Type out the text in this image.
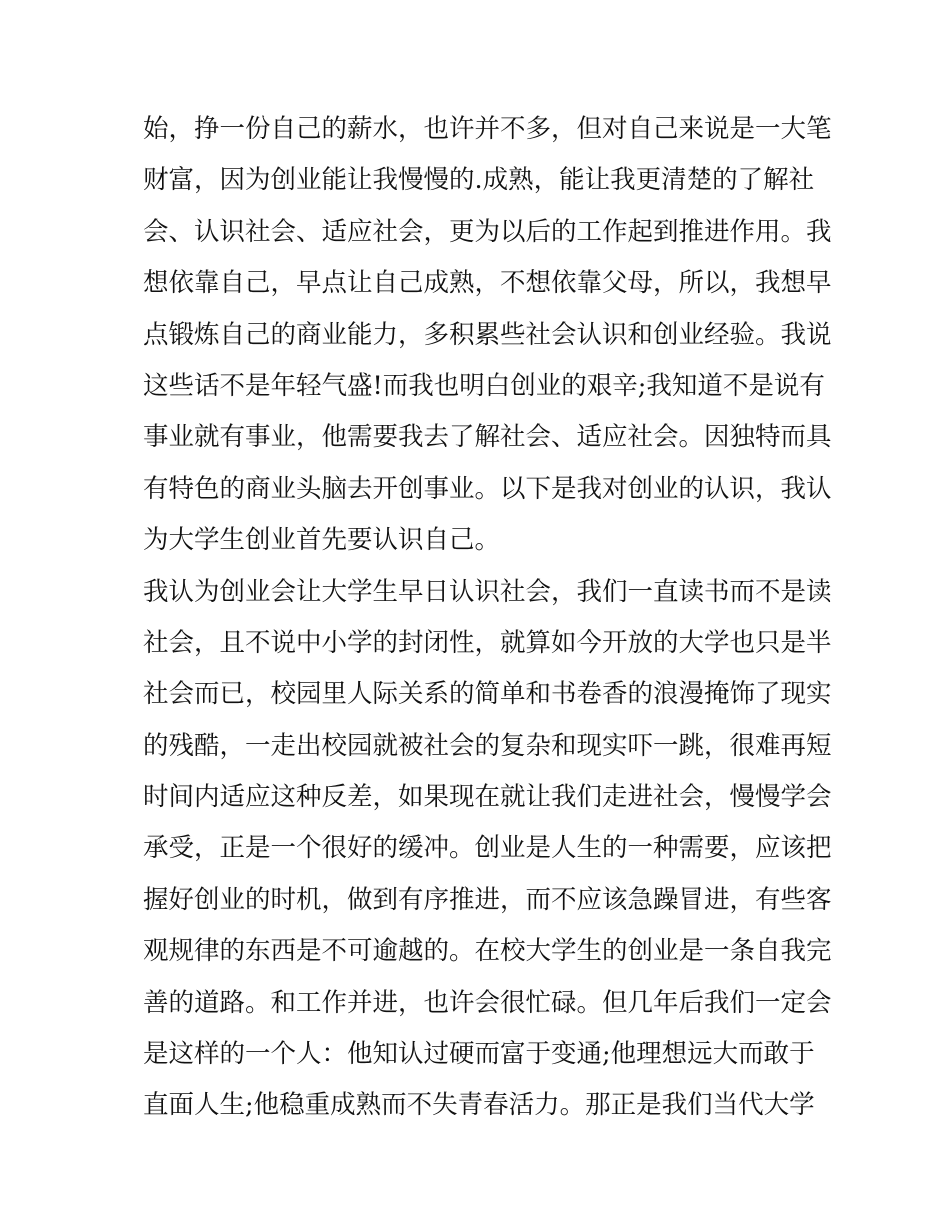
始，挣一份自己的薪水，也许并不多，但对自己来说是一大笔
财富，因为创业能让我慢慢的.成熟，能让我更清楚的了解社
会、认识社会、适应社会，更为以后的工作起到推进作用。我
想依靠自己，早点让自己成熟，不想依靠父母，所以，我想早
点锻炼自己的商业能力，多积累些社会认识和创业经验。我说
这些话不是年轻气盛!而我也明白创业的艰辛;我知道不是说有
事业就有事业，他需要我去了解社会、适应社会。因独特而具
有特色的商业头脑去开创事业。以下是我对创业的认识，我认
为大学生创业首先要认识自己。
我认为创业会让大学生早日认识社会，我们一直读书而不是读
社会，且不说中小学的封闭性，就算如今开放的大学也只是半
社会而已，校园里人际关系的简单和书卷香的浪漫掩饰了现实
的残酷，一走出校园就被社会的复杂和现实吓一跳，很难再短
时间内适应这种反差，如果现在就让我们走进社会，慢慢学会
承受，正是一个很好的缓冲。创业是人生的一种需要，应该把
握好创业的时机，做到有序推进，而不应该急躁冒进，有些客
观规律的东西是不可逾越的。在校大学生的创业是一条自我完
善的道路。和工作并进，也许会很忙碌。但几年后我们一定会
是这样的一个人：他知认过硬而富于变通;他理想远大而敢于
直面人生;他稳重成熟而不失青春活力。那正是我们当代大学
